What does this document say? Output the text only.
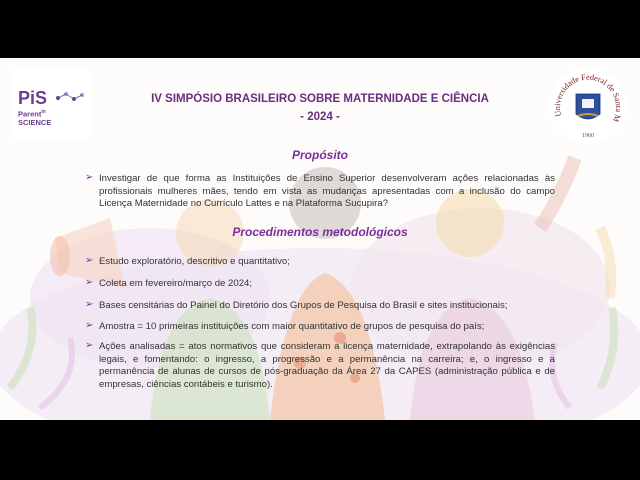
PiS
Parent$^{in}$
SCIENCE
Universidade Federal de Santa M
1960
IV SIMPÓSIO BRASILEIRO SOBRE MATERNIDADE E CIÊNCIA
- 2024 -
Propósito
➢ Investigar de que forma as Instituições de Ensino Superior desenvolveram ações relacionadas às profissionais mulheres mães, tendo em vista as mudanças apresentadas com a inclusão do campo Licença Maternidade no Currículo Lattes e na Plataforma Sucupira?
Procedimentos metodológicos
➢ Estudo exploratório, descritivo e quantitativo;
➢ Coleta em fevereiro/março de 2024;
➢ Bases censitárias do Painel do Diretório dos Grupos de Pesquisa do Brasil e sites institucionais;
➢ Amostra = 10 primeiras instituições com maior quantitativo de grupos de pesquisa do país;
➢ Ações analisadas = atos normativos que consideram a licença maternidade, extrapolando às exigências legais, e fomentando: o ingresso, a progressão e a permanência na carreira; e, o ingresso e a permanência de alunas de cursos de pós-graduação da Área 27 da CAPES (administração pública e de empresas, ciências contábeis e turismo).
